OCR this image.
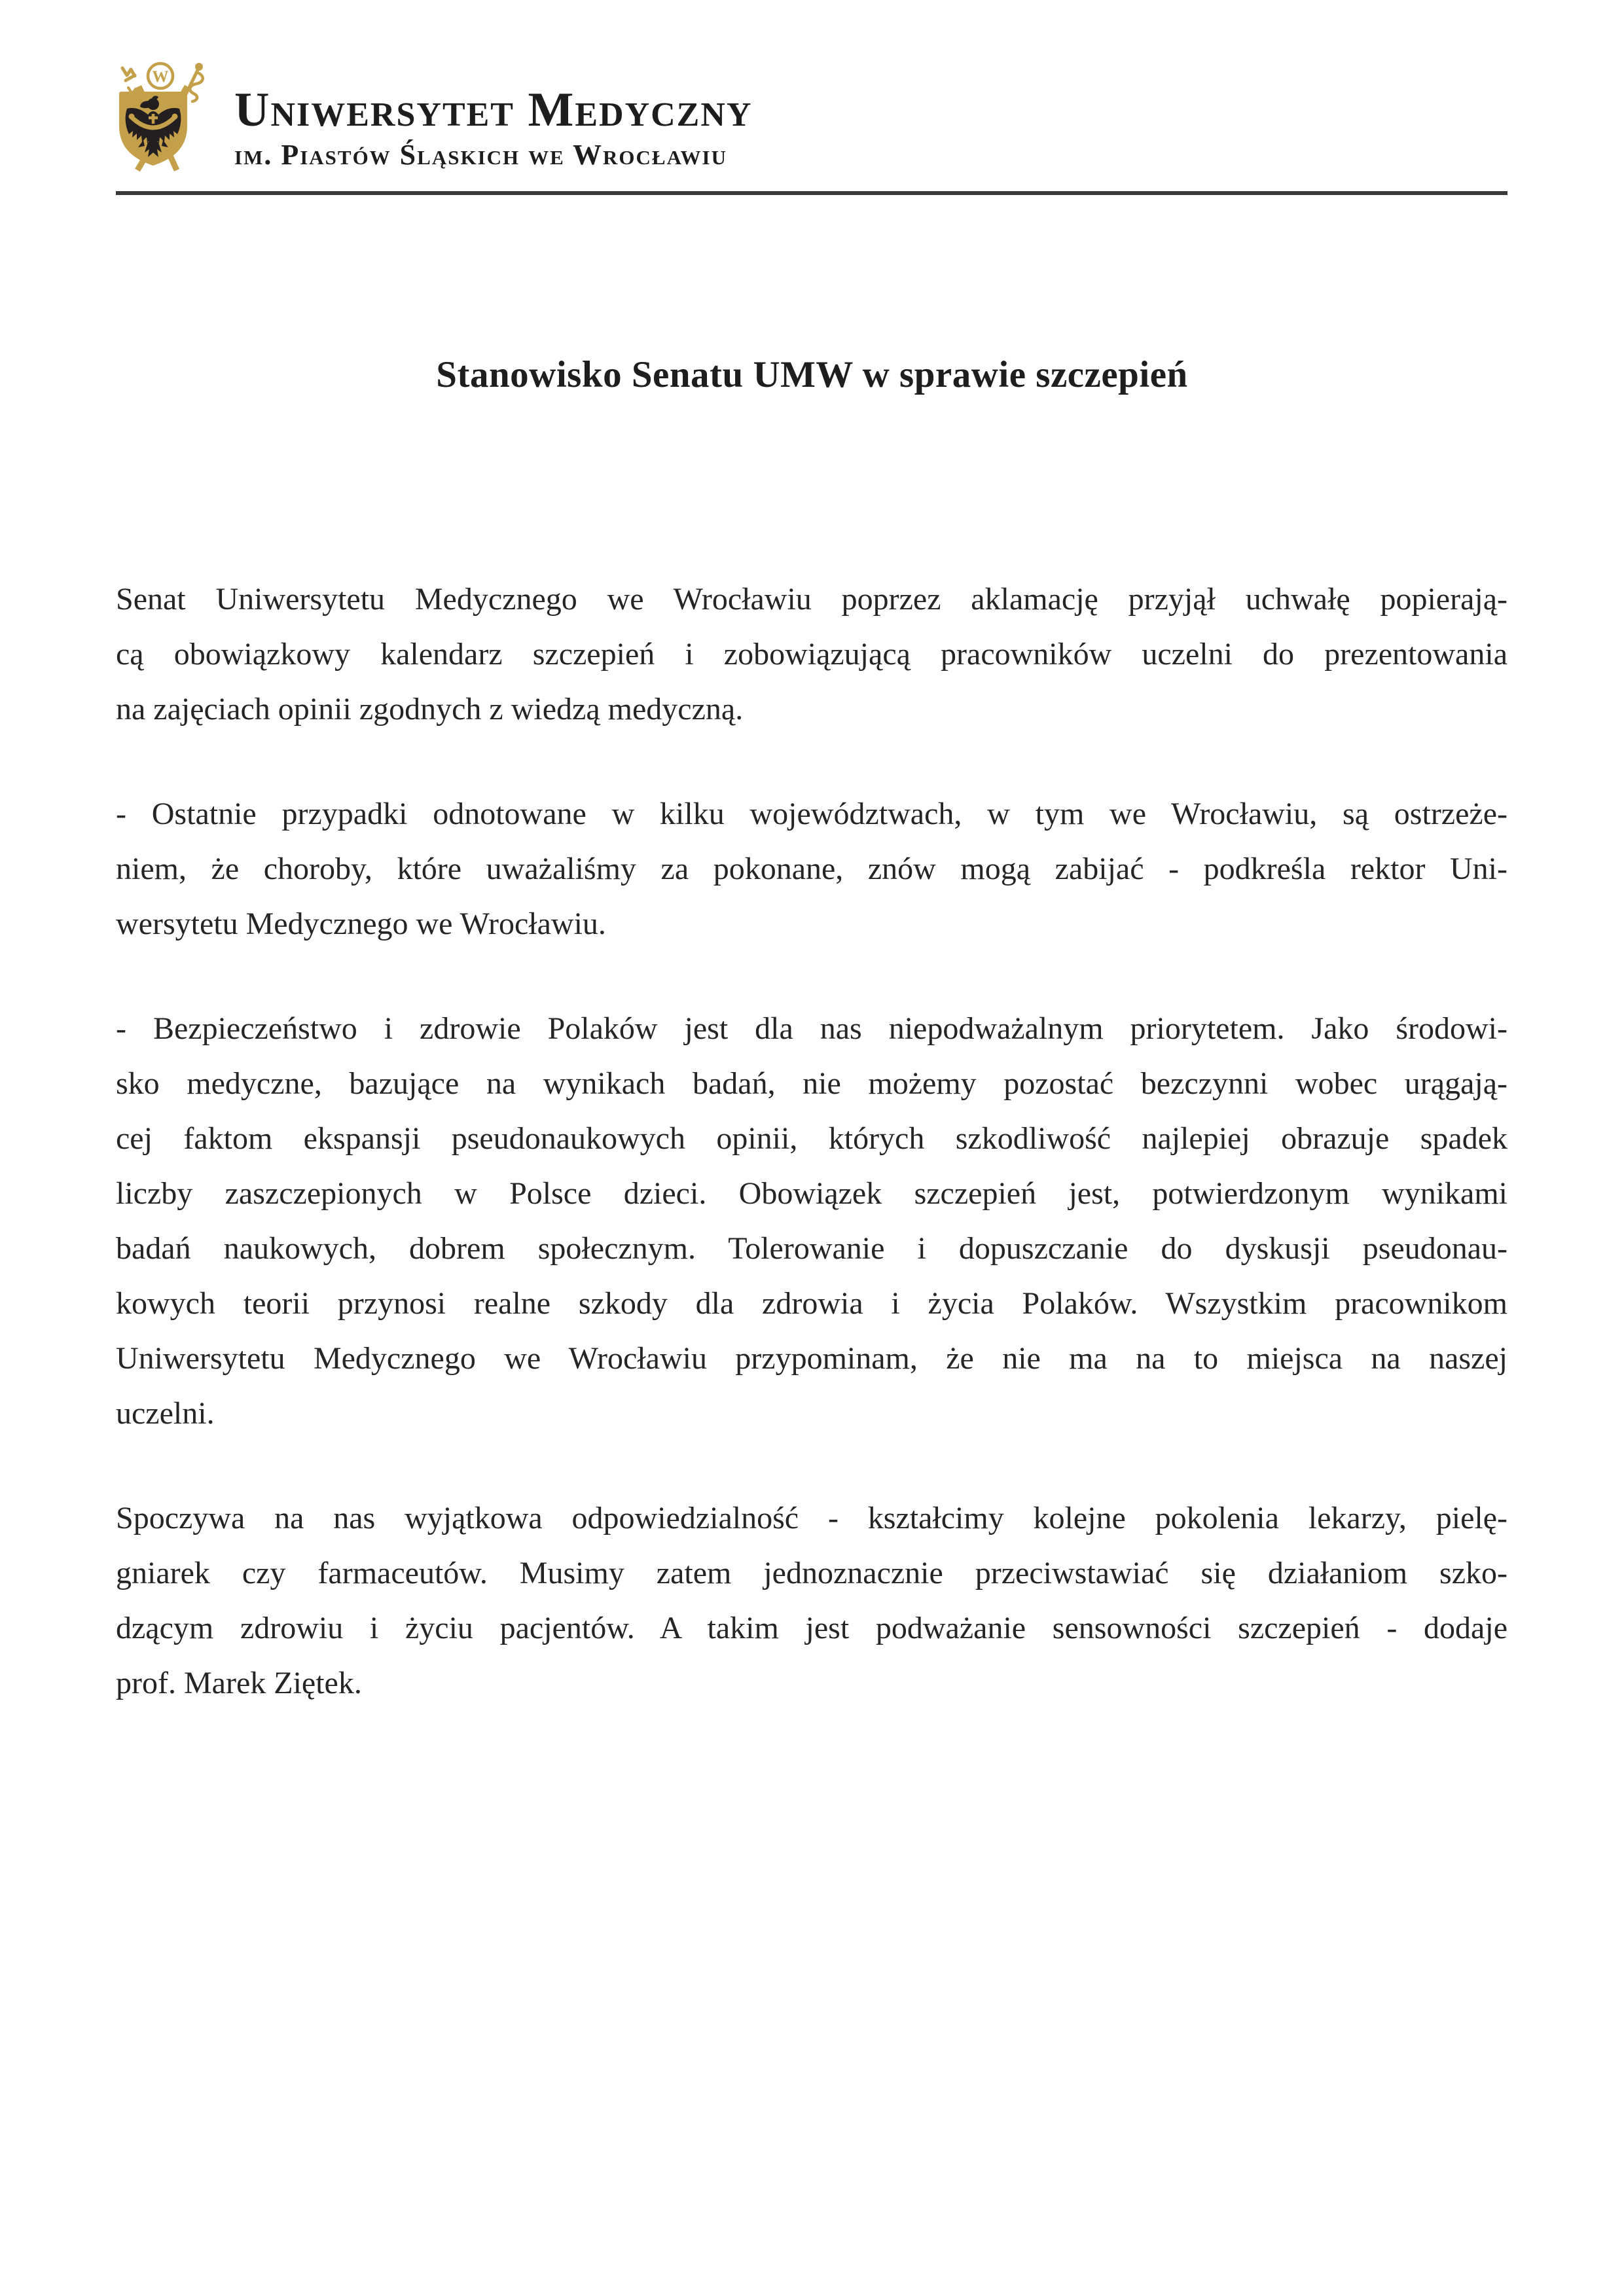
W
Uniwersytet Medyczny
im. Piastów Śląskich we Wrocławiu
Stanowisko Senatu UMW w sprawie szczepień
Senat Uniwersytetu Medycznego we Wrocławiu poprzez aklamację przyjął uchwałę popierają-
cą obowiązkowy kalendarz szczepień i zobowiązującą pracowników uczelni do prezentowania
na zajęciach opinii zgodnych z wiedzą medyczną.
- Ostatnie przypadki odnotowane w kilku województwach, w tym we Wrocławiu, są ostrzeże-
niem, że choroby, które uważaliśmy za pokonane, znów mogą zabijać - podkreśla rektor Uni-
wersytetu Medycznego we Wrocławiu.
- Bezpieczeństwo i zdrowie Polaków jest dla nas niepodważalnym priorytetem. Jako środowi-
sko medyczne, bazujące na wynikach badań, nie możemy pozostać bezczynni wobec urągają-
cej faktom ekspansji pseudonaukowych opinii, których szkodliwość najlepiej obrazuje spadek
liczby zaszczepionych w Polsce dzieci. Obowiązek szczepień jest, potwierdzonym wynikami
badań naukowych, dobrem społecznym. Tolerowanie i dopuszczanie do dyskusji pseudonau-
kowych teorii przynosi realne szkody dla zdrowia i życia Polaków. Wszystkim pracownikom
Uniwersytetu Medycznego we Wrocławiu przypominam, że nie ma na to miejsca na naszej
uczelni.
Spoczywa na nas wyjątkowa odpowiedzialność - kształcimy kolejne pokolenia lekarzy, pielę-
gniarek czy farmaceutów. Musimy zatem jednoznacznie przeciwstawiać się działaniom szko-
dzącym zdrowiu i życiu pacjentów. A takim jest podważanie sensowności szczepień - dodaje
prof. Marek Ziętek.
